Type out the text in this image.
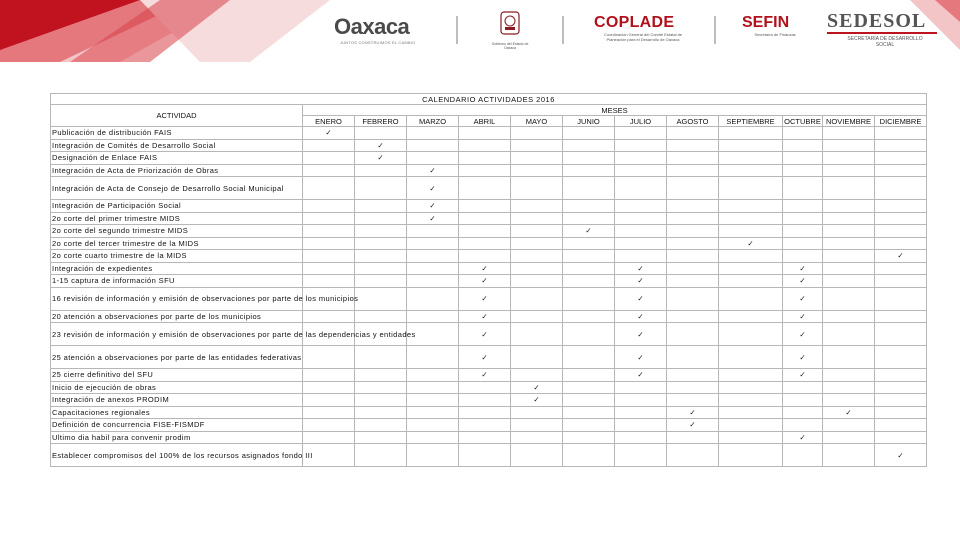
Oaxaca
JUNTOS CONSTRUIMOS EL CAMBIO	Gobierno del Estado de Oaxaca
COPLADE
Coordinación General del Comité Estatal de Planeación para el Desarrollo de Oaxaca
SEFIN
Secretaría de Finanzas
SEDESOL
SECRETARÍA DE DESARROLLO SOCIAL
CALENDARIO ACTIVIDADES 2016												
ACTIVIDAD	MESES											
	ENERO	FEBRERO	MARZO	ABRIL	MAYO	JUNIO	JULIO	AGOSTO	SEPTIEMBRE	OCTUBRE	NOVIEMBRE	DICIEMBRE
Publicación de distribución FAIS	✓											
Integración de Comités de Desarrollo Social		✓										
Designación de Enlace FAIS		✓										
Integración de Acta de Priorización de Obras			✓									
Integración de Acta de Consejo de Desarrollo Social Municipal			✓									
Integración de Participación Social			✓									
2o corte del primer trimestre MIDS			✓									
2o corte del segundo trimestre MIDS						✓						
2o corte del tercer trimestre de la MIDS									✓			
2o corte cuarto trimestre de la MIDS												✓
Integración de expedientes				✓			✓			✓		
1-15 captura de información SFU				✓			✓			✓		
16 revisión de información y emisión de observaciones por parte de los municipios				✓			✓			✓		
20 atención a observaciones por parte de los municipios				✓			✓			✓		
23 revisión de información y emisión de observaciones por parte de las dependencias y entidades				✓			✓			✓		
25 atención a observaciones por parte de las entidades federativas				✓			✓			✓		
25 cierre definitivo del SFU				✓			✓			✓		
Inicio de ejecución de obras					✓							
Integración de anexos PRODIM					✓							
Capacitaciones regionales								✓			✓	
Definición de concurrencia FISE-FISMDF								✓				
Ultimo dia habil para convenir prodim										✓		
Establecer compromisos del 100% de los recursos asignados fondo III												✓
